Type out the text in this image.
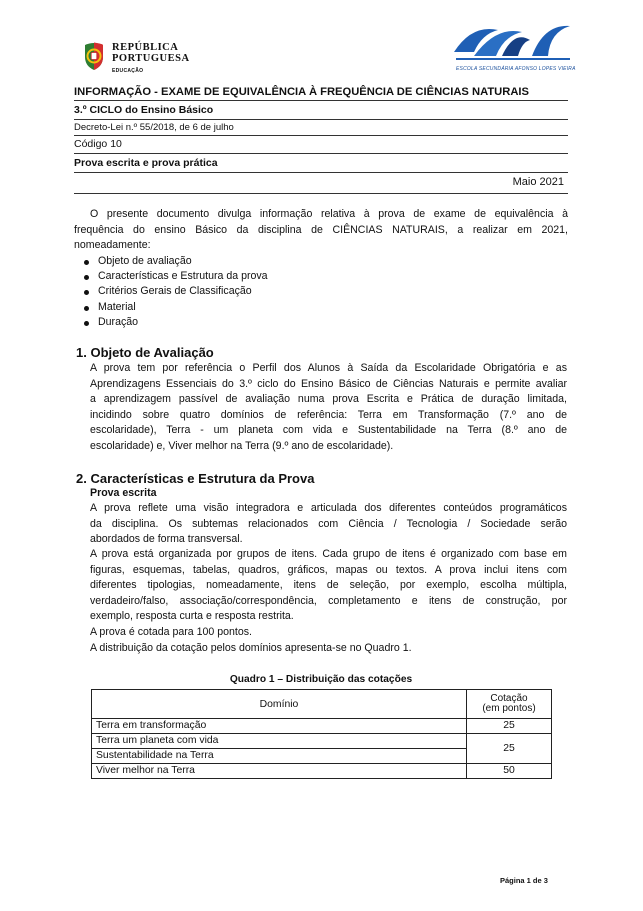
REPÚBLICA
PORTUGUESA
EDUCAÇÃO	ESCOLA SECUNDÁRIA AFONSO LOPES VIEIRA
INFORMAÇÃO - EXAME DE EQUIVALÊNCIA À FREQUÊNCIA DE CIÊNCIAS NATURAIS
3.º CICLO do Ensino Básico
Decreto-Lei n.º 55/2018, de 6 de julho
Código 10
Prova escrita e prova prática
Maio 2021
O presente documento divulga informação relativa à prova de exame de equivalência à
frequência do ensino Básico da disciplina de CIÊNCIAS NATURAIS, a realizar em 2021,
nomeadamente:
Objeto de avaliação
Características e Estrutura da prova
Critérios Gerais de Classificação
Material
Duração
1. Objeto de Avaliação
A prova tem por referência o Perfil dos Alunos à Saída da Escolaridade Obrigatória e as
Aprendizagens Essenciais do 3.º ciclo do Ensino Básico de Ciências Naturais e permite avaliar
a aprendizagem passível de avaliação numa prova Escrita e Prática de duração limitada,
incidindo sobre quatro domínios de referência: Terra em Transformação (7.º ano de
escolaridade), Terra - um planeta com vida e Sustentabilidade na Terra (8.º ano de
escolaridade) e, Viver melhor na Terra (9.º ano de escolaridade).
2. Características e Estrutura da Prova
Prova escrita
A prova reflete uma visão integradora e articulada dos diferentes conteúdos programáticos
da disciplina. Os subtemas relacionados com Ciência / Tecnologia / Sociedade serão
abordados de forma transversal.
A prova está organizada por grupos de itens. Cada grupo de itens é organizado com base em
figuras, esquemas, tabelas, quadros, gráficos, mapas ou textos. A prova inclui itens com
diferentes tipologias, nomeadamente, itens de seleção, por exemplo, escolha múltipla,
verdadeiro/falso, associação/correspondência, completamento e itens de construção, por
exemplo, resposta curta e resposta restrita.
A prova é cotada para 100 pontos.
A distribuição da cotação pelos domínios apresenta-se no Quadro 1.
Quadro 1 – Distribuição das cotações
Domínio	Cotação
(em pontos)
Terra em transformação	25
Terra um planeta com vida	25
Sustentabilidade na Terra	
Viver melhor na Terra	50
Página 1 de 3
